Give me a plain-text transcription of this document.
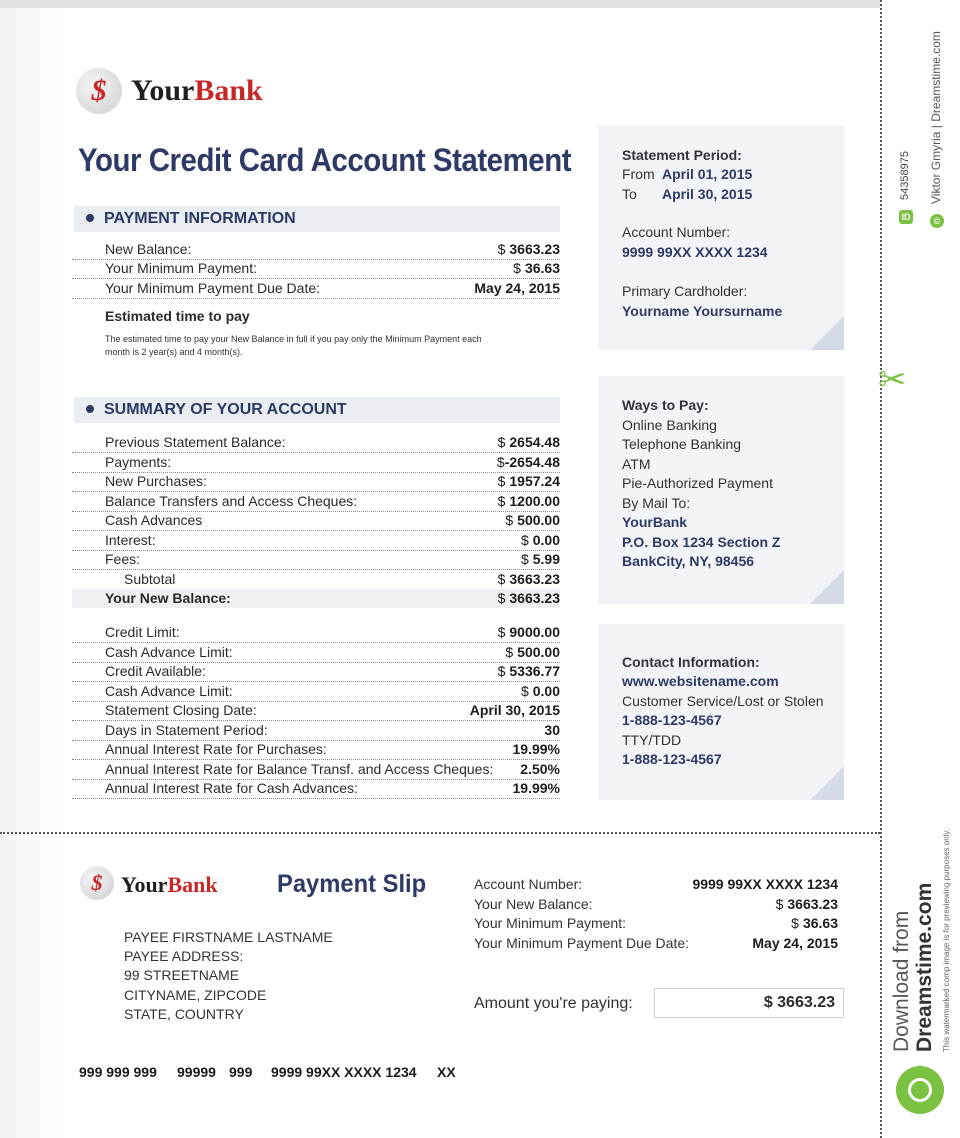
$ YourBank
Your Credit Card Account Statement
PAYMENT INFORMATION
New Balance:	$ 3663.23
Your Minimum Payment:	$ 36.63
Your Minimum Payment Due Date:	May 24, 2015
Estimated time to pay
The estimated time to pay your New Balance in full if you pay only the Minimum Payment each month is 2 year(s) and 4 month(s).
SUMMARY OF YOUR ACCOUNT
Previous Statement Balance:	$ 2654.48
Payments:	$-2654.48
New Purchases:	$ 1957.24
Balance Transfers and Access Cheques:	$ 1200.00
Cash Advances	$ 500.00
Interest:	$ 0.00
Fees:	$ 5.99
Subtotal	$ 3663.23
Your New Balance:	$ 3663.23
Credit Limit:	$ 9000.00
Cash Advance Limit:	$ 500.00
Credit Available:	$ 5336.77
Cash Advance Limit:	$ 0.00
Statement Closing Date:	April 30, 2015
Days in Statement Period:	30
Annual Interest Rate for Purchases:	19.99%
Annual Interest Rate for Balance Transf. and Access Cheques: 2.50%
Annual Interest Rate for Cash Advances:	19.99%
Statement Period:
From April 01, 2015
To April 30, 2015
Account Number:
9999 99XX XXXX 1234
Primary Cardholder:
Yourname Yoursurname
Ways to Pay:
Online Banking
Telephone Banking
ATM
Pie-Authorized Payment
By Mail To:
YourBank
P.O. Box 1234 Section Z
BankCity, NY, 98456
Contact Information:
www.websitename.com
Customer Service/Lost or Stolen
1-888-123-4567
TTY/TDD
1-888-123-4567
$ YourBank Payment Slip
PAYEE FIRSTNAME LASTNAME
PAYEE ADDRESS:
99 STREETNAME
CITYNAME, ZIPCODE
STATE, COUNTRY
Account Number:	9999 99XX XXXX 1234
Your New Balance:	$ 3663.23
Your Minimum Payment:	$ 36.63
Your Minimum Payment Due Date:	May 24, 2015
Amount you're paying:	$ 3663.23
999 999 999 99999 999 9999 99XX XXXX 1234 XX
✂
ID
54358975
©
Viktor Gmyria | Dreamstime.com
Download from Dreamstime.com This watermarked comp image is for previewing purposes only.
